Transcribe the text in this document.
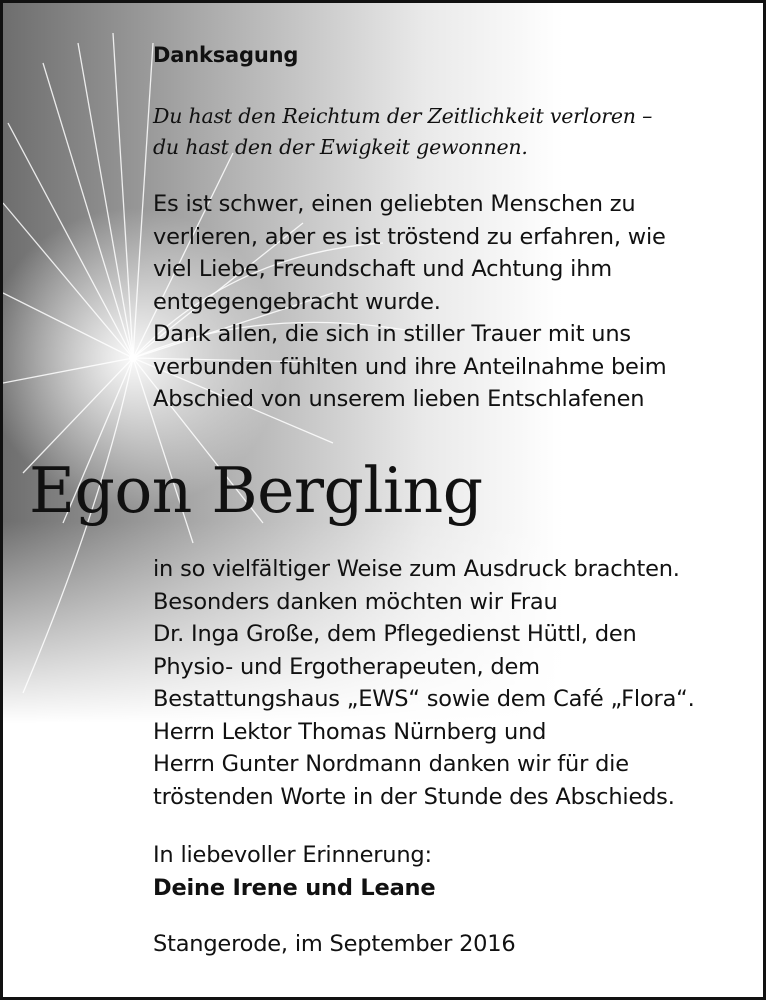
Danksagung
Du hast den Reichtum der Zeitlichkeit verloren –
du hast den der Ewigkeit gewonnen.
Es ist schwer, einen geliebten Menschen zu
verlieren, aber es ist tröstend zu erfahren, wie
viel Liebe, Freundschaft und Achtung ihm
entgegengebracht wurde.
Dank allen, die sich in stiller Trauer mit uns
verbunden fühlten und ihre Anteilnahme beim
Abschied von unserem lieben Entschlafenen
Egon Bergling
in so vielfältiger Weise zum Ausdruck brachten.
Besonders danken möchten wir Frau
Dr. Inga Große, dem Pflegedienst Hüttl, den
Physio- und Ergotherapeuten, dem
Bestattungshaus „EWS“ sowie dem Café „Flora“.
Herrn Lektor Thomas Nürnberg und
Herrn Gunter Nordmann danken wir für die
tröstenden Worte in der Stunde des Abschieds.
In liebevoller Erinnerung:
Deine Irene und Leane
Stangerode, im September 2016
